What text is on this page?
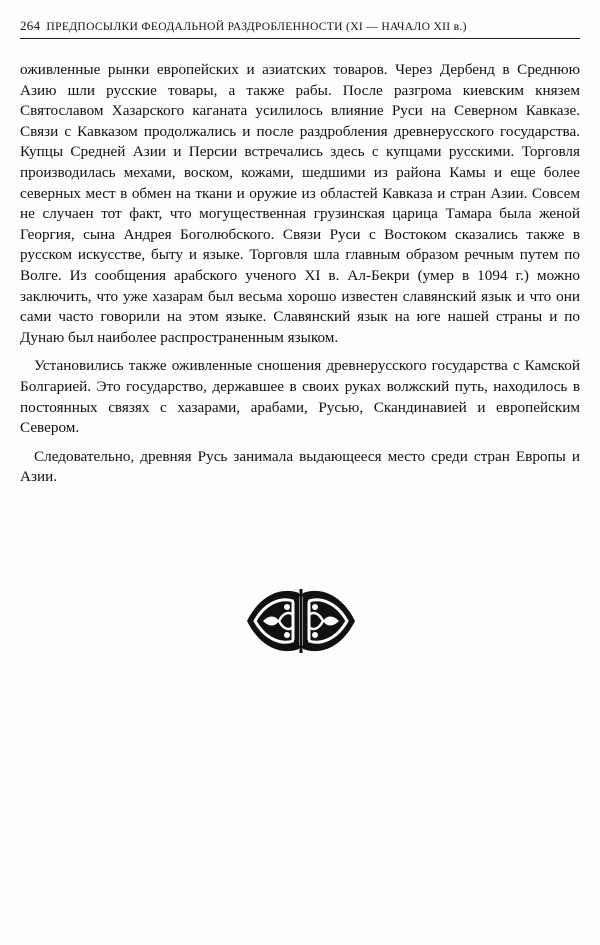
264 ПРЕДПОСЫЛКИ ФЕОДАЛЬНОЙ РАЗДРОБЛЕННОСТИ (XI — НАЧАЛО XII в.)

оживленные рынки европейских и азиатских товаров. Через Дербенд в Среднюю Азию шли русские товары, а также рабы. После разгрома киевским князем Святославом Хазарского каганата усилилось влияние Руси на Северном Кавказе. Связи с Кавказом продолжались и после раздробления древнерусского государства. Купцы Средней Азии и Персии встречались здесь с купцами русскими. Торговля производилась мехами, воском, кожами, шедшими из района Камы и еще более северных мест в обмен на ткани и оружие из областей Кавказа и стран Азии. Совсем не случаен тот факт, что могущественная грузинская царица Тамара была женой Георгия, сына Андрея Боголюбского. Связи Руси с Востоком сказались также в русском искусстве, быту и языке. Торговля шла главным образом речным путем по Волге. Из сообщения арабского ученого XI в. Ал-Бекри (умер в 1094 г.) можно заключить, что уже хазарам был весьма хорошо известен славянский язык и что они сами часто говорили на этом языке. Славянский язык на юге нашей страны и по Дунаю был наиболее распространенным языком.

Установились также оживленные сношения древнерусского государства с Камской Болгарией. Это государство, державшее в своих руках волжский путь, находилось в постоянных связях с хазарами, арабами, Русью, Скандинавией и европейским Севером.

Следовательно, древняя Русь занимала выдающееся место среди стран Европы и Азии.
